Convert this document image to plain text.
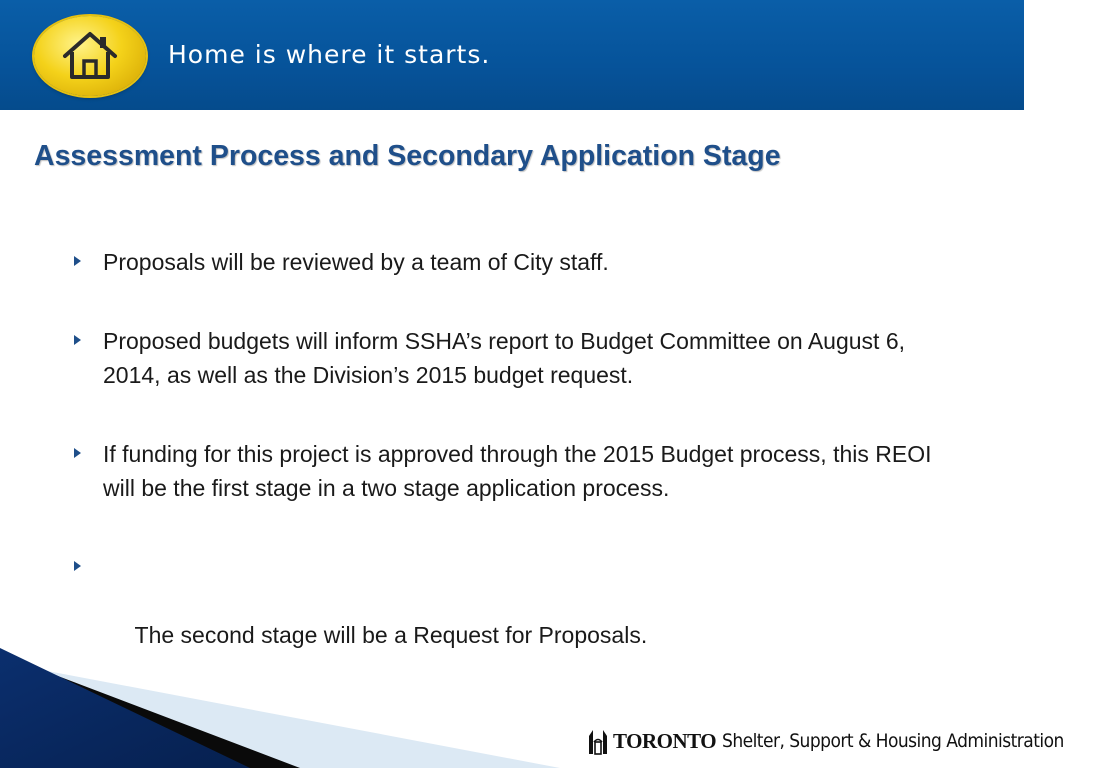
Home is where it starts.
Assessment Process and Secondary Application Stage
Proposals will be reviewed by a team of City staff.
Proposed budgets will inform SSHA’s report to Budget Committee on August 6, 2014, as well as the Division’s 2015 budget request.
If funding for this project is approved through the 2015 Budget process, this REOI will be the first stage in a two stage application process.

The second stage will be a Request for Proposals.

TORONTO Shelter, Support & Housing Administration
